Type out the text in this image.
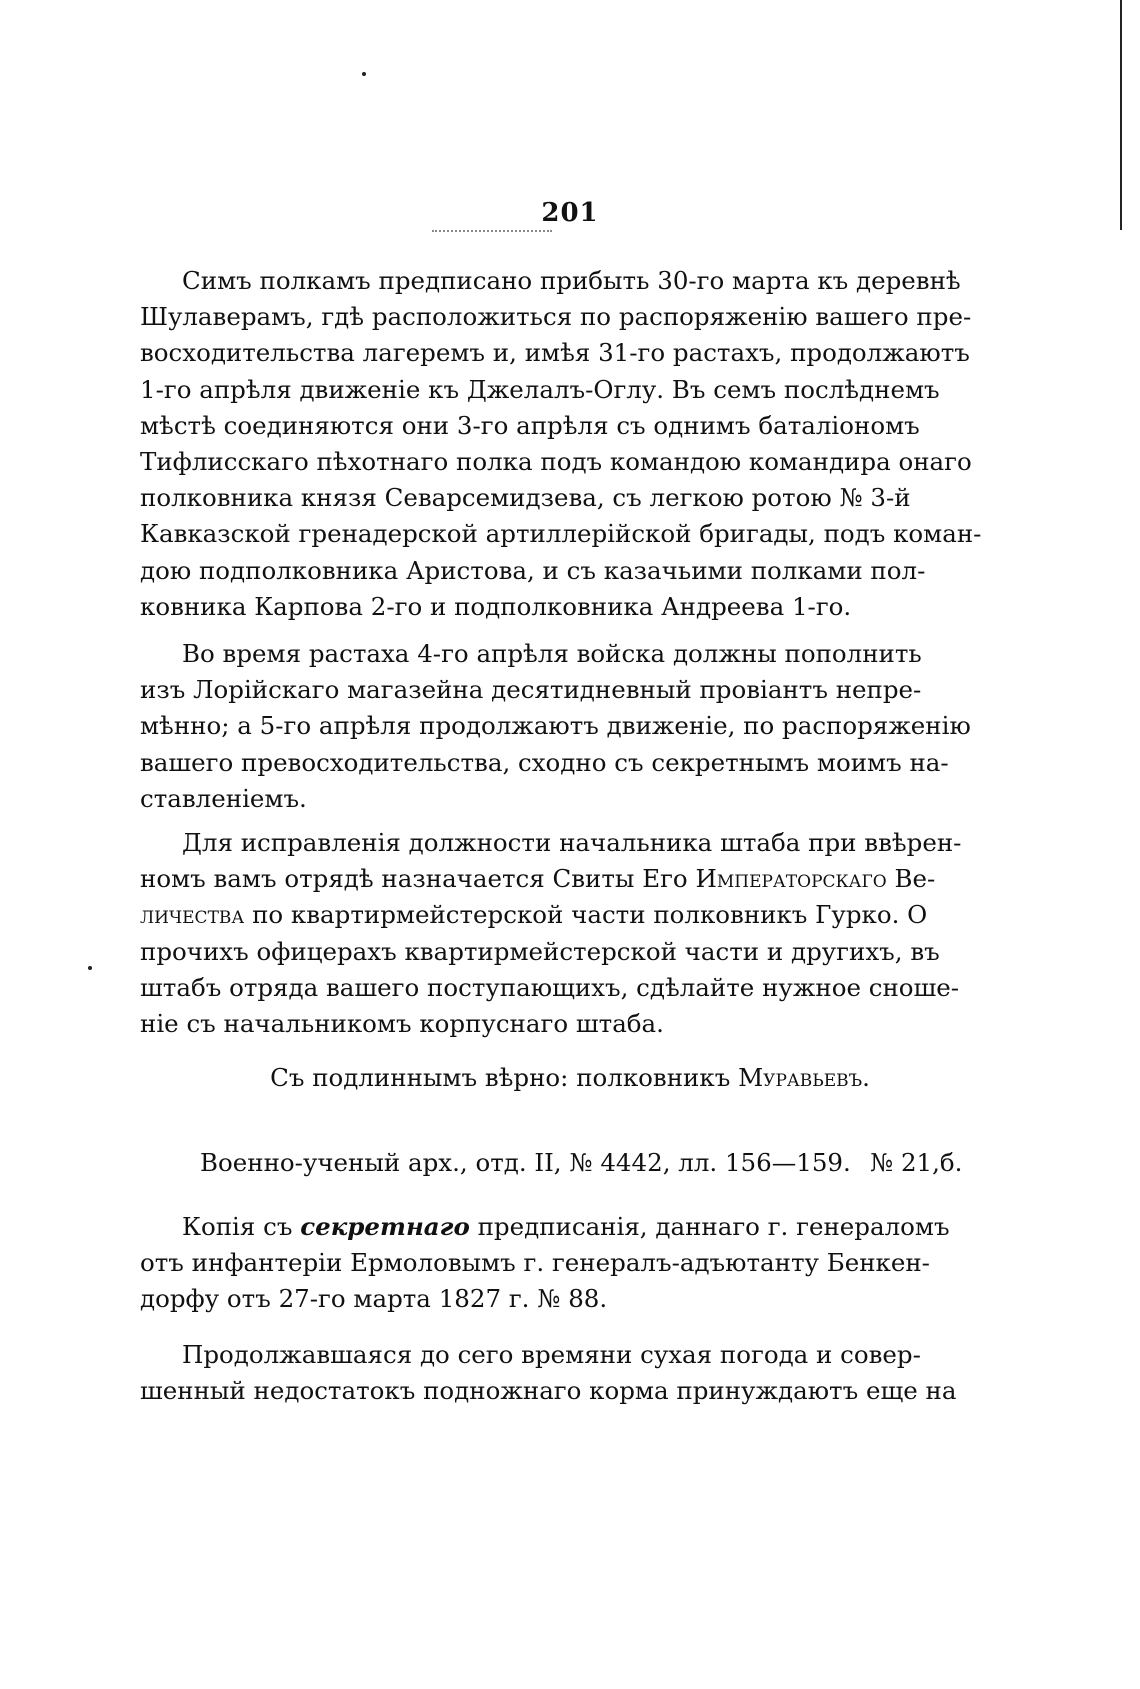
201

Симъ полкамъ предписано прибыть 30-го марта къ деревнѣ
Шулаверамъ, гдѣ расположиться по распоряженію вашего пре-
восходительства лагеремъ и, имѣя 31-го растахъ, продолжаютъ
1-го апрѣля движеніе къ Джелалъ-Оглу. Въ семъ послѣднемъ
мѣстѣ соединяются они 3-го апрѣля съ однимъ баталіономъ
Тифлисскаго пѣхотнаго полка подъ командою командира онаго
полковника князя Севарсемидзева, съ легкою ротою № 3-й
Кавказской гренадерской артиллерійской бригады, подъ коман-
дою подполковника Аристова, и съ казачьими полками пол-
ковника Карпова 2-го и подполковника Андреева 1-го.

Во время растаха 4-го апрѣля войска должны пополнить
изъ Лорійскаго магазейна десятидневный провіантъ непре-
мѣнно; а 5-го апрѣля продолжаютъ движеніе, по распоряженію
вашего превосходительства, сходно съ секретнымъ моимъ на-
ставленіемъ.

Для исправленія должности начальника штаба при ввѣрен-
номъ вамъ отрядѣ назначается Свиты Его Императорскаго Ве-
личества по квартирмейстерской части полковникъ Гурко. О
прочихъ офицерахъ квартирмейстерской части и другихъ, въ
штабъ отряда вашего поступающихъ, сдѣлайте нужное сноше-
ніе съ начальникомъ корпуснаго штаба.

Съ подлиннымъ вѣрно: полковникъ Муравьевъ.
Военно-ученый арх., отд. II, № 4442, лл. 156—159. № 21,б.

Копія съ секретнаго предписанія, даннаго г. генераломъ
отъ инфантеріи Ермоловымъ г. генералъ-адъютанту Бенкен-
дорфу отъ 27-го марта 1827 г. № 88.

Продолжавшаяся до сего времяни сухая погода и совер-
шенный недостатокъ подножнаго корма принуждаютъ еще на
